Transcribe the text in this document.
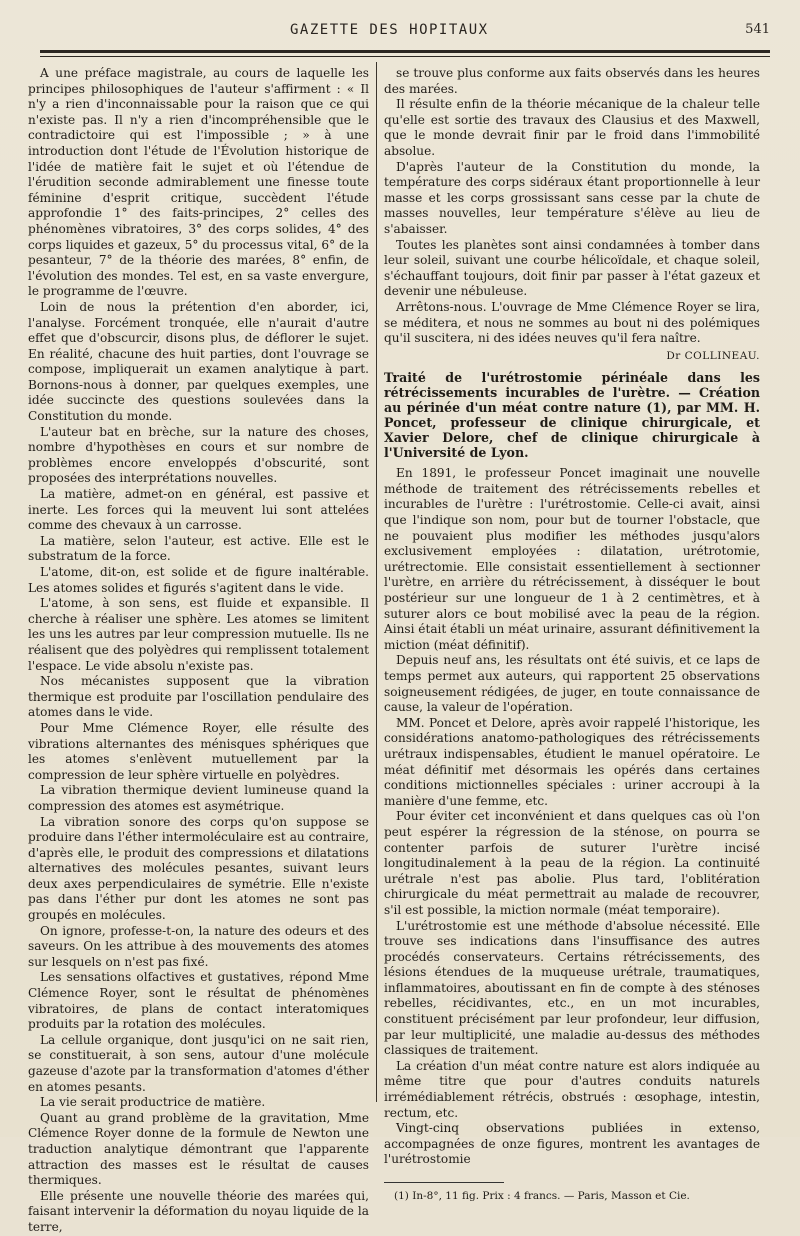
GAZETTE DES HOPITAUX	541

A une préface magistrale, au cours de laquelle les principes philosophiques de l'auteur s'affirment : « Il n'y a rien d'inconnaissable pour la raison que ce qui n'existe pas. Il n'y a rien d'incompréhensible que le contradictoire qui est l'impossible ; » à une introduction dont l'étude de l'Évolution historique de l'idée de matière fait le sujet et où l'étendue de l'érudition seconde admirablement une finesse toute féminine d'esprit critique, succèdent l'étude approfondie 1° des faits-principes, 2° celles des phénomènes vibratoires, 3° des corps solides, 4° des corps liquides et gazeux, 5° du processus vital, 6° de la pesanteur, 7° de la théorie des marées, 8° enfin, de l'évolution des mondes. Tel est, en sa vaste envergure, le programme de l'œuvre.

Loin de nous la prétention d'en aborder, ici, l'analyse. Forcément tronquée, elle n'aurait d'autre effet que d'obscurcir, disons plus, de déflorer le sujet. En réalité, chacune des huit parties, dont l'ouvrage se compose, impliquerait un examen analytique à part. Bornons-nous à donner, par quelques exemples, une idée succincte des questions soulevées dans la Constitution du monde.

L'auteur bat en brèche, sur la nature des choses, nombre d'hypothèses en cours et sur nombre de problèmes encore enveloppés d'obscurité, sont proposées des interprétations nouvelles.

La matière, admet-on en général, est passive et inerte. Les forces qui la meuvent lui sont attelées comme des chevaux à un carrosse.

La matière, selon l'auteur, est active. Elle est le substratum de la force.

L'atome, dit-on, est solide et de figure inaltérable. Les atomes solides et figurés s'agitent dans le vide.

L'atome, à son sens, est fluide et expansible. Il cherche à réaliser une sphère. Les atomes se limitent les uns les autres par leur compression mutuelle. Ils ne réalisent que des polyèdres qui remplissent totalement l'espace. Le vide absolu n'existe pas.

Nos mécanistes supposent que la vibration thermique est produite par l'oscillation pendulaire des atomes dans le vide.

Pour Mme Clémence Royer, elle résulte des vibrations alternantes des ménisques sphériques que les atomes s'enlèvent mutuellement par la compression de leur sphère virtuelle en polyèdres.

La vibration thermique devient lumineuse quand la compression des atomes est asymétrique.

La vibration sonore des corps qu'on suppose se produire dans l'éther intermoléculaire est au contraire, d'après elle, le produit des compressions et dilatations alternatives des molécules pesantes, suivant leurs deux axes perpendiculaires de symétrie. Elle n'existe pas dans l'éther pur dont les atomes ne sont pas groupés en molécules.

On ignore, professe-t-on, la nature des odeurs et des saveurs. On les attribue à des mouvements des atomes sur lesquels on n'est pas fixé.

Les sensations olfactives et gustatives, répond Mme Clémence Royer, sont le résultat de phénomènes vibratoires, de plans de contact interatomiques produits par la rotation des molécules.

La cellule organique, dont jusqu'ici on ne sait rien, se constituerait, à son sens, autour d'une molécule gazeuse d'azote par la transformation d'atomes d'éther en atomes pesants.

La vie serait productrice de matière.

Quant au grand problème de la gravitation, Mme Clémence Royer donne de la formule de Newton une traduction analytique démontrant que l'apparente attraction des masses est le résultat de causes thermiques.

Elle présente une nouvelle théorie des marées qui, faisant intervenir la déformation du noyau liquide de la terre,

se trouve plus conforme aux faits observés dans les heures des marées.

Il résulte enfin de la théorie mécanique de la chaleur telle qu'elle est sortie des travaux des Clausius et des Maxwell, que le monde devrait finir par le froid dans l'immobilité absolue.

D'après l'auteur de la Constitution du monde, la température des corps sidéraux étant proportionnelle à leur masse et les corps grossissant sans cesse par la chute de masses nouvelles, leur température s'élève au lieu de s'abaisser.

Toutes les planètes sont ainsi condamnées à tomber dans leur soleil, suivant une courbe hélicoïdale, et chaque soleil, s'échauffant toujours, doit finir par passer à l'état gazeux et devenir une nébuleuse.

Arrêtons-nous. L'ouvrage de Mme Clémence Royer se lira, se méditera, et nous ne sommes au bout ni des polémiques qu'il suscitera, ni des idées neuves qu'il fera naître.

Dr COLLINEAU.

Traité de l'urétrostomie périnéale dans les rétrécissements incurables de l'urètre. — Création au périnée d'un méat contre nature (1), par MM. H. Poncet, professeur de clinique chirurgicale, et Xavier Delore, chef de clinique chirurgicale à l'Université de Lyon.

En 1891, le professeur Poncet imaginait une nouvelle méthode de traitement des rétrécissements rebelles et incurables de l'urètre : l'urétrostomie. Celle-ci avait, ainsi que l'indique son nom, pour but de tourner l'obstacle, que ne pouvaient plus modifier les méthodes jusqu'alors exclusivement employées : dilatation, urétrotomie, urétrectomie. Elle consistait essentiellement à sectionner l'urètre, en arrière du rétrécissement, à disséquer le bout postérieur sur une longueur de 1 à 2 centimètres, et à suturer alors ce bout mobilisé avec la peau de la région. Ainsi était établi un méat urinaire, assurant définitivement la miction (méat définitif).

Depuis neuf ans, les résultats ont été suivis, et ce laps de temps permet aux auteurs, qui rapportent 25 observations soigneusement rédigées, de juger, en toute connaissance de cause, la valeur de l'opération.

MM. Poncet et Delore, après avoir rappelé l'historique, les considérations anatomo-pathologiques des rétrécissements urétraux indispensables, étudient le manuel opératoire. Le méat définitif met désormais les opérés dans certaines conditions mictionnelles spéciales : uriner accroupi à la manière d'une femme, etc.

Pour éviter cet inconvénient et dans quelques cas où l'on peut espérer la régression de la sténose, on pourra se contenter parfois de suturer l'urètre incisé longitudinalement à la peau de la région. La continuité urétrale n'est pas abolie. Plus tard, l'oblitération chirurgicale du méat permettrait au malade de recouvrer, s'il est possible, la miction normale (méat temporaire).

L'urétrostomie est une méthode d'absolue nécessité. Elle trouve ses indications dans l'insuffisance des autres procédés conservateurs. Certains rétrécissements, des lésions étendues de la muqueuse urétrale, traumatiques, inflammatoires, aboutissant en fin de compte à des sténoses rebelles, récidivantes, etc., en un mot incurables, constituent précisément par leur profondeur, leur diffusion, par leur multiplicité, une maladie au-dessus des méthodes classiques de traitement.

La création d'un méat contre nature est alors indiquée au même titre que pour d'autres conduits naturels irrémédiablement rétrécis, obstrués : œsophage, intestin, rectum, etc.

Vingt-cinq observations publiées in extenso, accompagnées de onze figures, montrent les avantages de l'urétrostomie

(1) In-8°, 11 fig. Prix : 4 francs. — Paris, Masson et Cie.
